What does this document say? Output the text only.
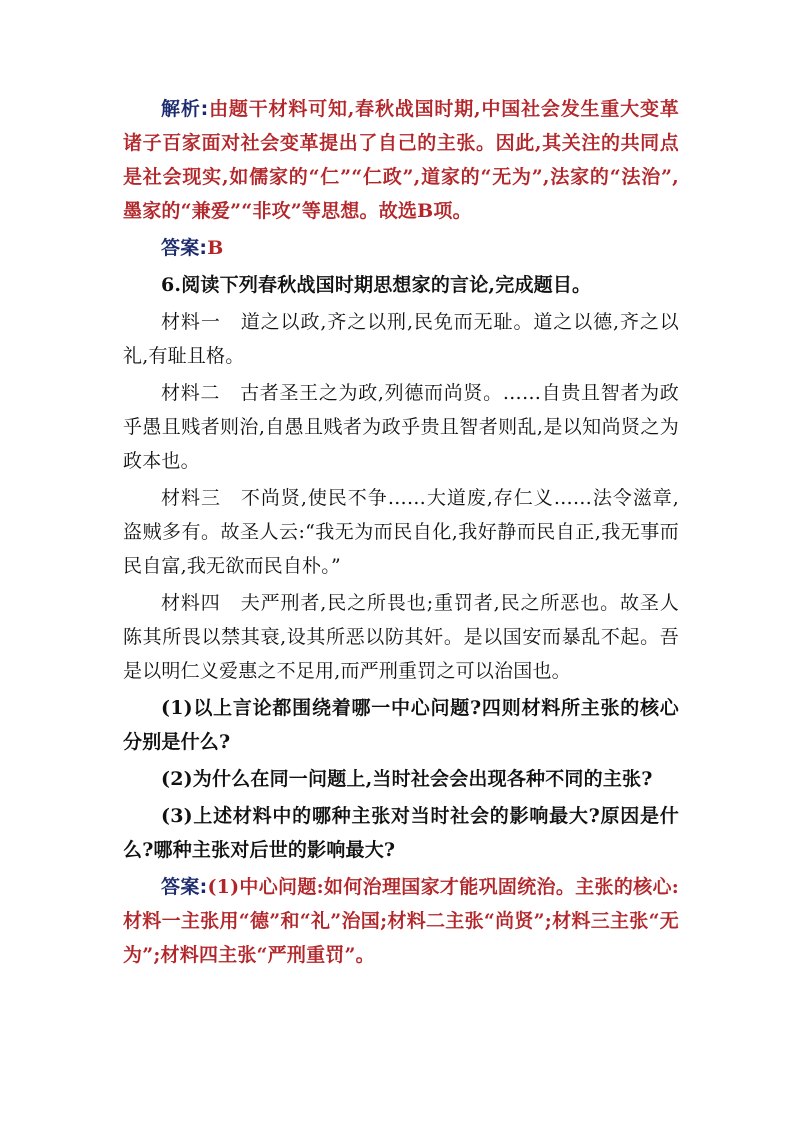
解析:由题干材料可知,春秋战国时期,中国社会发生重大变革诸子百家面对社会变革提出了自己的主张。因此,其关注的共同点是社会现实,如儒家的“仁”“仁政”,道家的“无为”,法家的“法治”,墨家的“兼爱”“非攻”等思想。故选B项。

答案:B

6.阅读下列春秋战国时期思想家的言论,完成题目。

材料一 道之以政,齐之以刑,民免而无耻。道之以德,齐之以礼,有耻且格。

材料二 古者圣王之为政,列德而尚贤。……自贵且智者为政乎愚且贱者则治,自愚且贱者为政乎贵且智者则乱,是以知尚贤之为政本也。

材料三 不尚贤,使民不争……大道废,存仁义……法令滋章,盗贼多有。故圣人云:“我无为而民自化,我好静而民自正,我无事而民自富,我无欲而民自朴。”

材料四 夫严刑者,民之所畏也;重罚者,民之所恶也。故圣人陈其所畏以禁其衰,设其所恶以防其奸。是以国安而暴乱不起。吾是以明仁义爱惠之不足用,而严刑重罚之可以治国也。

(1)以上言论都围绕着哪一中心问题?四则材料所主张的核心分别是什么?

(2)为什么在同一问题上,当时社会会出现各种不同的主张?

(3)上述材料中的哪种主张对当时社会的影响最大?原因是什么?哪种主张对后世的影响最大?

答案:(1)中心问题:如何治理国家才能巩固统治。主张的核心:材料一主张用“德”和“礼”治国;材料二主张“尚贤”;材料三主张“无为”;材料四主张“严刑重罚”。
